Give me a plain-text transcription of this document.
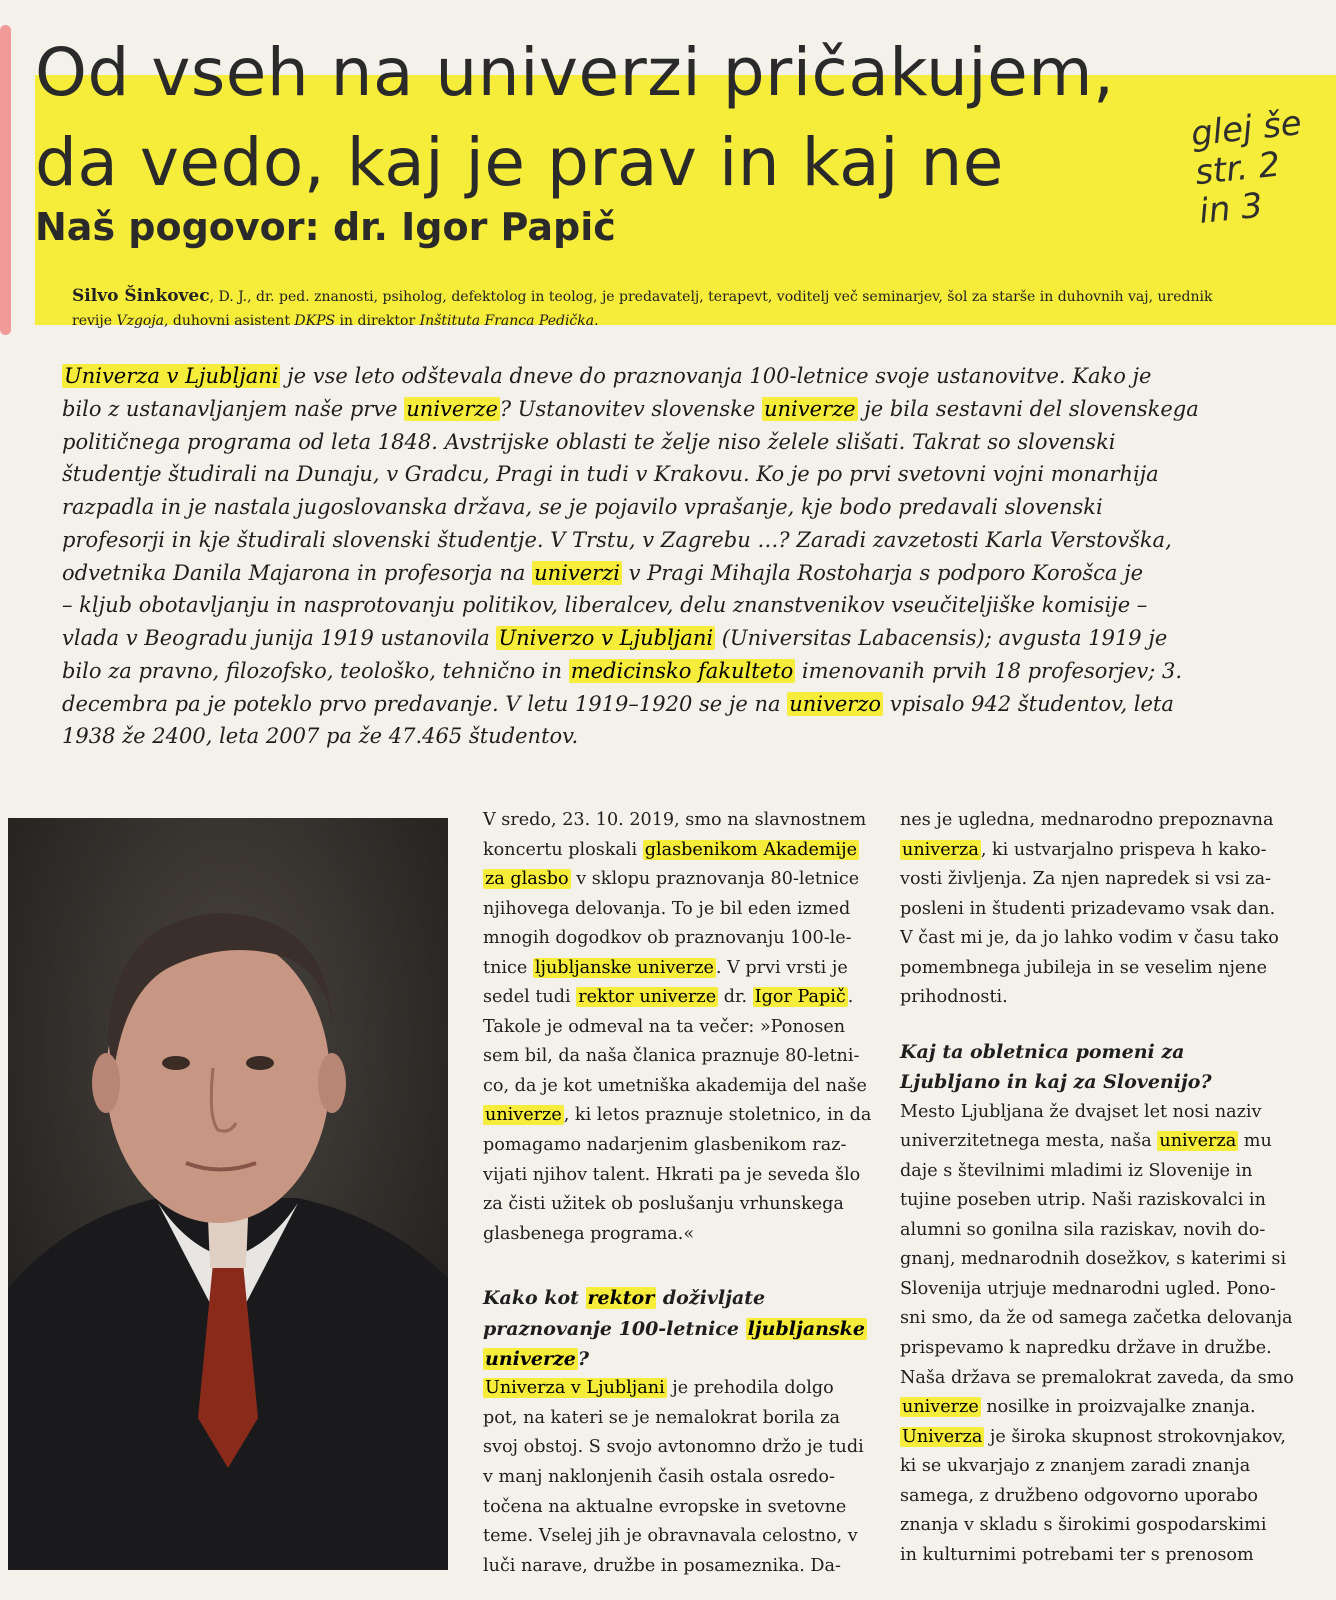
Od vseh na univerzi pričakujem,
da vedo, kaj je prav in kaj ne
Naš pogovor: dr. Igor Papič
glej še
str. 2
in 3
Silvo Šinkovec, D. J., dr. ped. znanosti, psiholog, defektolog in teolog, je predavatelj, terapevt, voditelj več seminarjev, šol za starše in duhovnih vaj, urednik
revije Vzgoja, duhovni asistent DKPS in direktor Inštituta Franca Pedička.
Univerza v Ljubljani je vse leto odštevala dneve do praznovanja 100-letnice svoje ustanovitve. Kako je
bilo z ustanavljanjem naše prve univerze? Ustanovitev slovenske univerze je bila sestavni del slovenskega
političnega programa od leta 1848. Avstrijske oblasti te želje niso želele slišati. Takrat so slovenski
študentje študirali na Dunaju, v Gradcu, Pragi in tudi v Krakovu. Ko je po prvi svetovni vojni monarhija
razpadla in je nastala jugoslovanska država, se je pojavilo vprašanje, kje bodo predavali slovenski
profesorji in kje študirali slovenski študentje. V Trstu, v Zagrebu …? Zaradi zavzetosti Karla Verstovška,
odvetnika Danila Majarona in profesorja na univerzi v Pragi Mihajla Rostoharja s podporo Korošca je
– kljub obotavljanju in nasprotovanju politikov, liberalcev, delu znanstvenikov vseučiteljiške komisije –
vlada v Beogradu junija 1919 ustanovila Univerzo v Ljubljani (Universitas Labacensis); avgusta 1919 je
bilo za pravno, filozofsko, teološko, tehnično in medicinsko fakulteto imenovanih prvih 18 profesorjev; 3.
decembra pa je poteklo prvo predavanje. V letu 1919–1920 se je na univerzo vpisalo 942 študentov, leta
1938 že 2400, leta 2007 pa že 47.465 študentov.
V sredo, 23. 10. 2019, smo na slavnostnem
koncertu ploskali glasbenikom Akademije
za glasbo v sklopu praznovanja 80-letnice
njihovega delovanja. To je bil eden izmed
mnogih dogodkov ob praznovanju 100-le-
tnice ljubljanske univerze . V prvi vrsti je
sedel tudi rektor univerze dr. Igor Papič .
Takole je odmeval na ta večer: »Ponosen
sem bil, da naša članica praznuje 80-letni-
co, da je kot umetniška akademija del naše
univerze , ki letos praznuje stoletnico, in da
pomagamo nadarjenim glasbenikom raz-
vijati njihov talent. Hkrati pa je seveda šlo
za čisti užitek ob poslušanju vrhunskega
glasbenega programa.«
Kako kot rektor doživljate
praznovanje 100-letnice ljubljanske
univerze ?
Univerza v Ljubljani je prehodila dolgo
pot, na kateri se je nemalokrat borila za
svoj obstoj. S svojo avtonomno držo je tudi
v manj naklonjenih časih ostala osredo-
točena na aktualne evropske in svetovne
teme. Vselej jih je obravnavala celostno, v
luči narave, družbe in posameznika. Da-
nes je ugledna, mednarodno prepoznavna
univerza , ki ustvarjalno prispeva h kako-
vosti življenja. Za njen napredek si vsi za-
posleni in študenti prizadevamo vsak dan.
V čast mi je, da jo lahko vodim v času tako
pomembnega jubileja in se veselim njene
prihodnosti.
Kaj ta obletnica pomeni za
Ljubljano in kaj za Slovenijo?
Mesto Ljubljana že dvajset let nosi naziv
univerzitetnega mesta, naša univerza mu
daje s številnimi mladimi iz Slovenije in
tujine poseben utrip. Naši raziskovalci in
alumni so gonilna sila raziskav, novih do-
gnanj, mednarodnih dosežkov, s katerimi si
Slovenija utrjuje mednarodni ugled. Pono-
sni smo, da že od samega začetka delovanja
prispevamo k napredku države in družbe.
Naša država se premalokrat zaveda, da smo
univerze nosilke in proizvajalke znanja.
Univerza je široka skupnost strokovnjakov,
ki se ukvarjajo z znanjem zaradi znanja
samega, z družbeno odgovorno uporabo
znanja v skladu s širokimi gospodarskimi
in kulturnimi potrebami ter s prenosom
